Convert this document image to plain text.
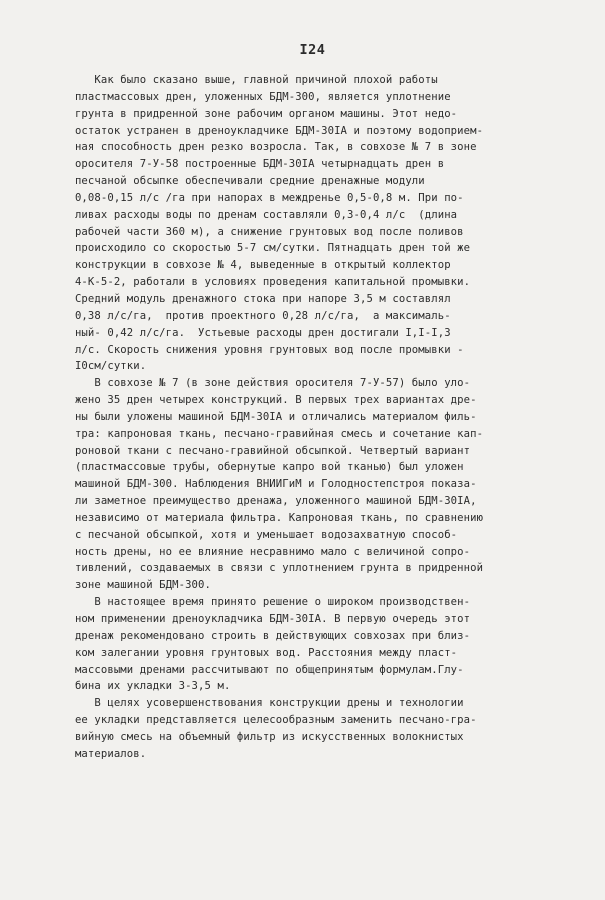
I24
Как было сказано выше, главной причиной плохой работы
пластмассовых дрен, уложенных БДМ-300, является уплотнение
грунта в придренной зоне рабочим органом машины. Этот недо-
остаток устранен в дреноукладчике БДМ-30IА и поэтому водоприем-
ная способность дрен резко возросла. Так, в совхозе № 7 в зоне
оросителя 7-У-58 построенные БДМ-30IА четырнадцать дрен в
песчаной обсыпке обеспечивали средние дренажные модули
0,08-0,15 л/с /га при напорах в междренье 0,5-0,8 м. При по-
ливах расходы воды по дренам составляли 0,3-0,4 л/с  (длина
рабочей части 360 м), а снижение грунтовых вод после поливов
происходило со скоростью 5-7 см/сутки. Пятнадцать дрен той же
конструкции в совхозе № 4, выведенные в открытый коллектор
4-К-5-2, работали в условиях проведения капитальной промывки.
Средний модуль дренажного стока при напоре 3,5 м составлял
0,38 л/с/га,  против проектного 0,28 л/с/га,  а максималь-
ный- 0,42 л/с/га.  Устьевые расходы дрен достигали I,I-I,3
л/с. Скорость снижения уровня грунтовых вод после промывки -
I0см/сутки.
В совхозе № 7 (в зоне действия оросителя 7-У-57) было уло-
жено 35 дрен четырех конструкций. В первых трех вариантах дре-
ны были уложены машиной БДМ-30IА и отличались материалом филь-
тра: капроновая ткань, песчано-гравийная смесь и сочетание кап-
роновой ткани с песчано-гравийной обсыпкой. Четвертый вариант
(пластмассовые трубы, обернутые капро вой тканью) был уложен
машиной БДМ-300. Наблюдения ВНИИГиМ и Голодностепстроя показа-
ли заметное преимущество дренажа, уложенного машиной БДМ-30IА,
независимо от материала фильтра. Капроновая ткань, по сравнению
с песчаной обсыпкой, хотя и уменьшает водозахватную способ-
ность дрены, но ее влияние несравнимо мало с величиной сопро-
тивлений, создаваемых в связи с уплотнением грунта в придренной
зоне машиной БДМ-300.
В настоящее время принято решение о широком производствен-
ном применении дреноукладчика БДМ-30IА. В первую очередь этот
дренаж рекомендовано строить в действующих совхозах при близ-
ком залегании уровня грунтовых вод. Расстояния между пласт-
массовыми дренами рассчитывают по общепринятым формулам.Глу-
бина их укладки 3-3,5 м.
В целях усовершенствования конструкции дрены и технологии
ее укладки представляется целесообразным заменить песчано-гра-
вийную смесь на объемный фильтр из искусственных волокнистых
материалов.
